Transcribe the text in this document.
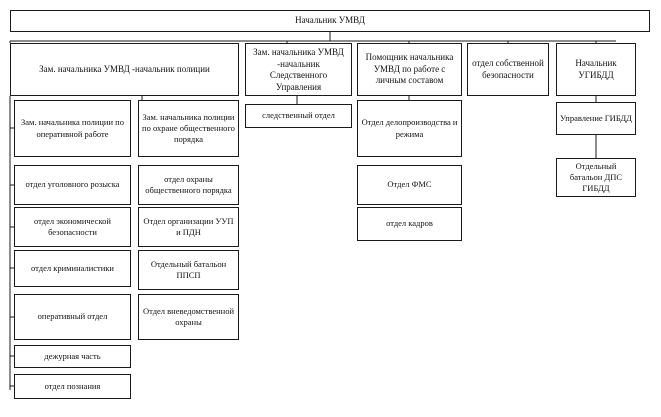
Начальник УМВД
Зам. начальника УМВД -начальник полиции
Зам. начальника полиции по оперативной работе
отдел уголовного розыска
отдел экономической безопасности
отдел криминалистики
оперативный отдел
дежурная часть
отдел познания
Зам. начальника полиции по охране общественного порядка
отдел охраны общественного порядка
Отдел организации УУП и ПДН
Отдельный батальон ППСП
Отдел вневедомственной охраны
Зам. начальника УМВД -начальник Следственного Управления
следственный отдел
Помощник начальника УМВД по работе с личным составом
Отдел делопроизводства и режима
Отдел ФМС
отдел кадров
отдел собственной безопасности
Начальник УГИБДД
Управление ГИБДД
Отдельный батальон ДПС ГИБДД
